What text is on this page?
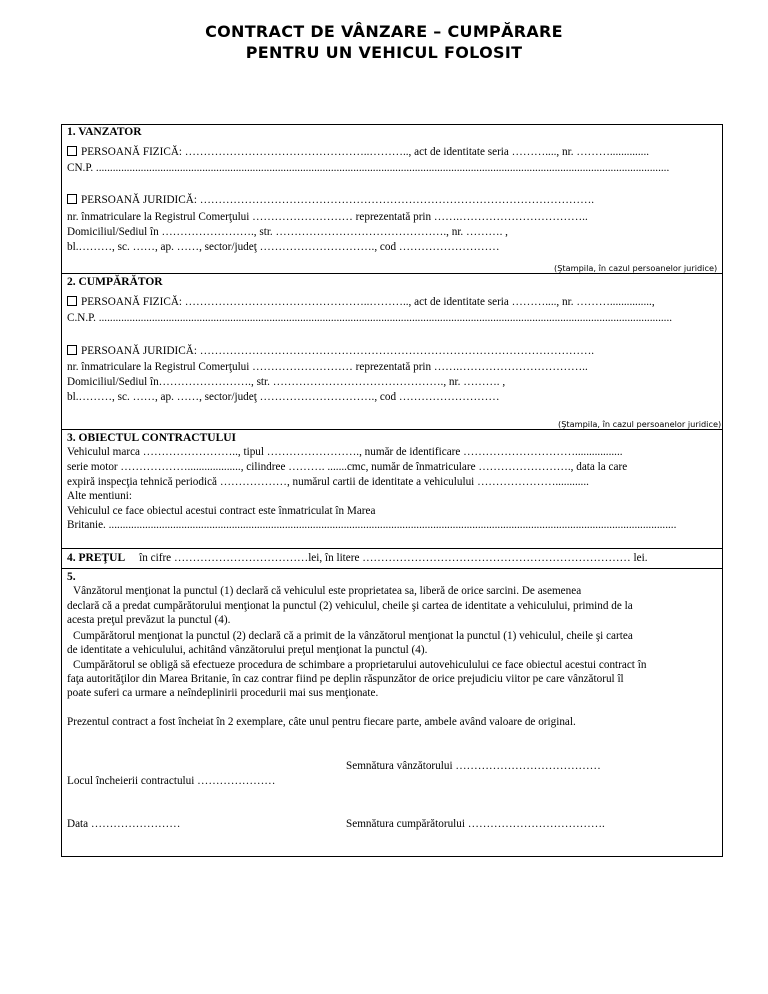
CONTRACT DE VÂNZARE – CUMPĂRARE
PENTRU UN VEHICUL FOLOSIT
1. VANZATOR
PERSOANĂ FIZICĂ: …………………………………………..……….., act de identitate seria ………...., nr. ………..............
CN.P. .............................................................................................................................................................................................................
PERSOANĂ JURIDICĂ: …………………………………………………………………………………………….
nr. înmatriculare la Registrul Comerţului ……………………… reprezentată prin …….……………………………..
Domiciliul/Sediul în ……………………., str. ………………………………………., nr. ………. ,
bl.………, sc. ……, ap. ……, sector/judeţ …………………………., cod ………………………
(Ştampila, în cazul persoanelor juridice)
2. CUMPĂRĂTOR
PERSOANĂ FIZICĂ: …………………………………………..……….., act de identitate seria ………...., nr. ………...............,
C.N.P. .............................................................................................................................................................................................................
PERSOANĂ JURIDICĂ: …………………………………………………………………………………………….
nr. înmatriculare la Registrul Comerţului ……………………… reprezentată prin …….……………………………..
Domiciliul/Sediul în……………………., str. ………………………………………., nr. ………. ,
bl.………, sc. ……, ap. ……, sector/judeţ …………………………., cod ………………………
(Ştampila, în cazul persoanelor juridice)
3. OBIECTUL CONTRACTULUI
Vehiculul marca …………………….., tipul ……………………., număr de identificare ………………………….................
serie motor ………………..................., cilindree ………. .......cmc, număr de înmatriculare ……………………., data la care
expiră inspecţia tehnică periodică ………………, numărul cartii de identitate a vehiculului …………………............
Alte mentiuni:
Vehiculul ce face obiectul acestui contract este înmatriculat în Marea
Britanie. ...........................................................................................................................................................................................................
4. PREŢUL în cifre ………………………………lei, în litere ……………………………………………………………… lei.
5.
Vânzătorul menţionat la punctul (1) declară că vehiculul este proprietatea sa, liberă de orice sarcini. De asemenea
declară că a predat cumpărătorului menţionat la punctul (2) vehiculul, cheile şi cartea de identitate a vehiculului, primind de la
acesta preţul prevăzut la punctul (4).
Cumpărătorul menţionat la punctul (2) declară că a primit de la vânzătorul menţionat la punctul (1) vehiculul, cheile şi cartea
de identitate a vehiculului, achitând vânzătorului preţul menţionat la punctul (4).
Cumpărătorul se obligă să efectueze procedura de schimbare a proprietarului autovehiculului ce face obiectul acestui contract în
faţa autorităţilor din Marea Britanie, în caz contrar fiind pe deplin răspunzător de orice prejudiciu viitor pe care vânzătorul îl
poate suferi ca urmare a neîndeplinirii procedurii mai sus menţionate.
Prezentul contract a fost încheiat în 2 exemplare, câte unul pentru fiecare parte, ambele având valoare de original.
Semnătura vânzătorului …………………………………
Locul încheierii contractului …………………
Data ……………………	Semnătura cumpărătorului ……………………………….
